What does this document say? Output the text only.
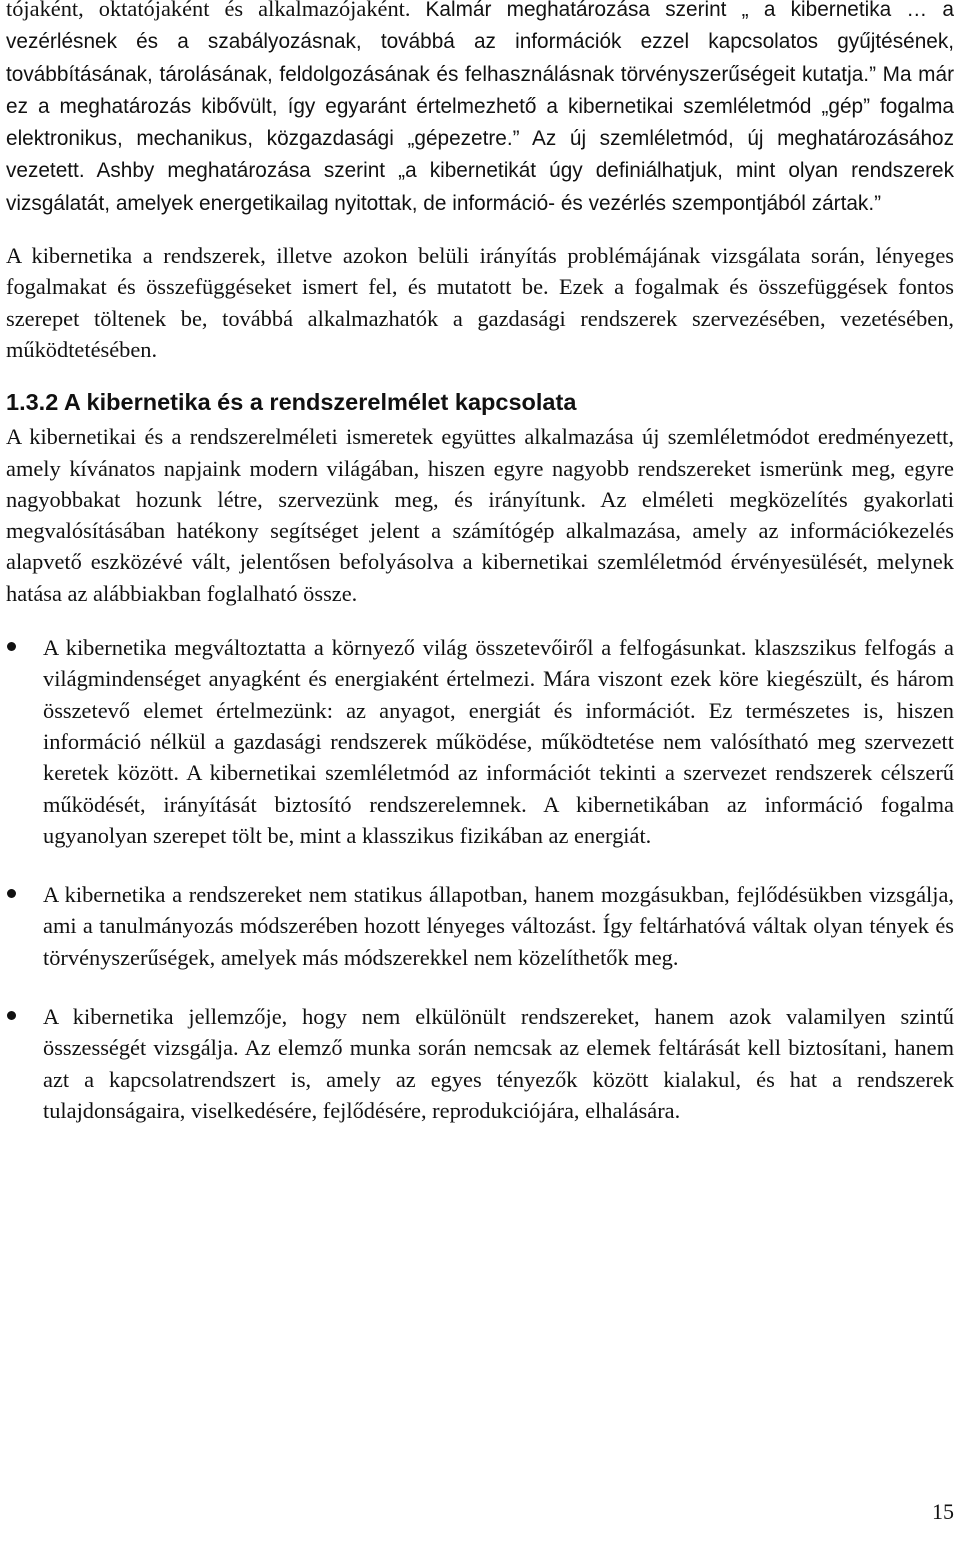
tójaként, oktatójaként és alkalmazójaként. Kalmár meghatározása szerint „ a kibernetika … a vezérlésnek és a szabályozásnak, továbbá az információk ezzel kapcsolatos gyűjtésének, továbbításának, tárolásának, feldolgozásának és felhasználásnak törvényszerűségeit kutatja.” Ma már ez a meghatározás kibővült, így egyaránt értelmezhető a kibernetikai szemléletmód „gép” fogalma elektronikus, mechanikus, közgazdasági „gépezetre.” Az új szemléletmód, új meghatározásához vezetett. Ashby meghatározása szerint „a kibernetikát úgy definiálhatjuk, mint olyan rendszerek vizsgálatát, amelyek energetikailag nyitottak, de információ- és vezérlés szempontjából zártak.”

A kibernetika a rendszerek, illetve azokon belüli irányítás problémájának vizsgálata során, lényeges fogalmakat és összefüggéseket ismert fel, és mutatott be. Ezek a fogalmak és összefüggések fontos szerepet töltenek be, továbbá alkalmazhatók a gazdasági rendszerek szervezésében, vezetésében, működtetésében.

1.3.2 A kibernetika és a rendszerelmélet kapcsolata

A kibernetikai és a rendszerelméleti ismeretek együttes alkalmazása új szemléletmódot eredményezett, amely kívánatos napjaink modern világában, hiszen egyre nagyobb rendszereket ismerünk meg, egyre nagyobbakat hozunk létre, szervezünk meg, és irányítunk. Az elméleti megközelítés gyakorlati megvalósításában hatékony segítséget jelent a számítógép alkalmazása, amely az információkezelés alapvető eszközévé vált, jelentősen befolyásolva a kibernetikai szemléletmód érvényesülését, melynek hatása az alábbiakban foglalható össze.

A kibernetika megváltoztatta a környező világ összetevőiről a felfogásunkat. klaszszikus felfogás a világmindenséget anyagként és energiaként értelmezi. Mára viszont ezek köre kiegészült, és három összetevő elemet értelmezünk: az anyagot, energiát és információt. Ez természetes is, hiszen információ nélkül a gazdasági rendszerek működése, működtetése nem valósítható meg szervezett keretek között. A kibernetikai szemléletmód az információt tekinti a szervezet rendszerek célszerű működését, irányítását biztosító rendszerelemnek. A kibernetikában az információ fogalma ugyanolyan szerepet tölt be, mint a klasszikus fizikában az energiát.

A kibernetika a rendszereket nem statikus állapotban, hanem mozgásukban, fejlődésükben vizsgálja, ami a tanulmányozás módszerében hozott lényeges változást. Így feltárhatóvá váltak olyan tények és törvényszerűségek, amelyek más módszerekkel nem közelíthetők meg.

A kibernetika jellemzője, hogy nem elkülönült rendszereket, hanem azok valamilyen szintű összességét vizsgálja. Az elemző munka során nemcsak az elemek feltárását kell biztosítani, hanem azt a kapcsolatrendszert is, amely az egyes tényezők között kialakul, és hat a rendszerek tulajdonságaira, viselkedésére, fejlődésére, reprodukciójára, elhalására.

15
